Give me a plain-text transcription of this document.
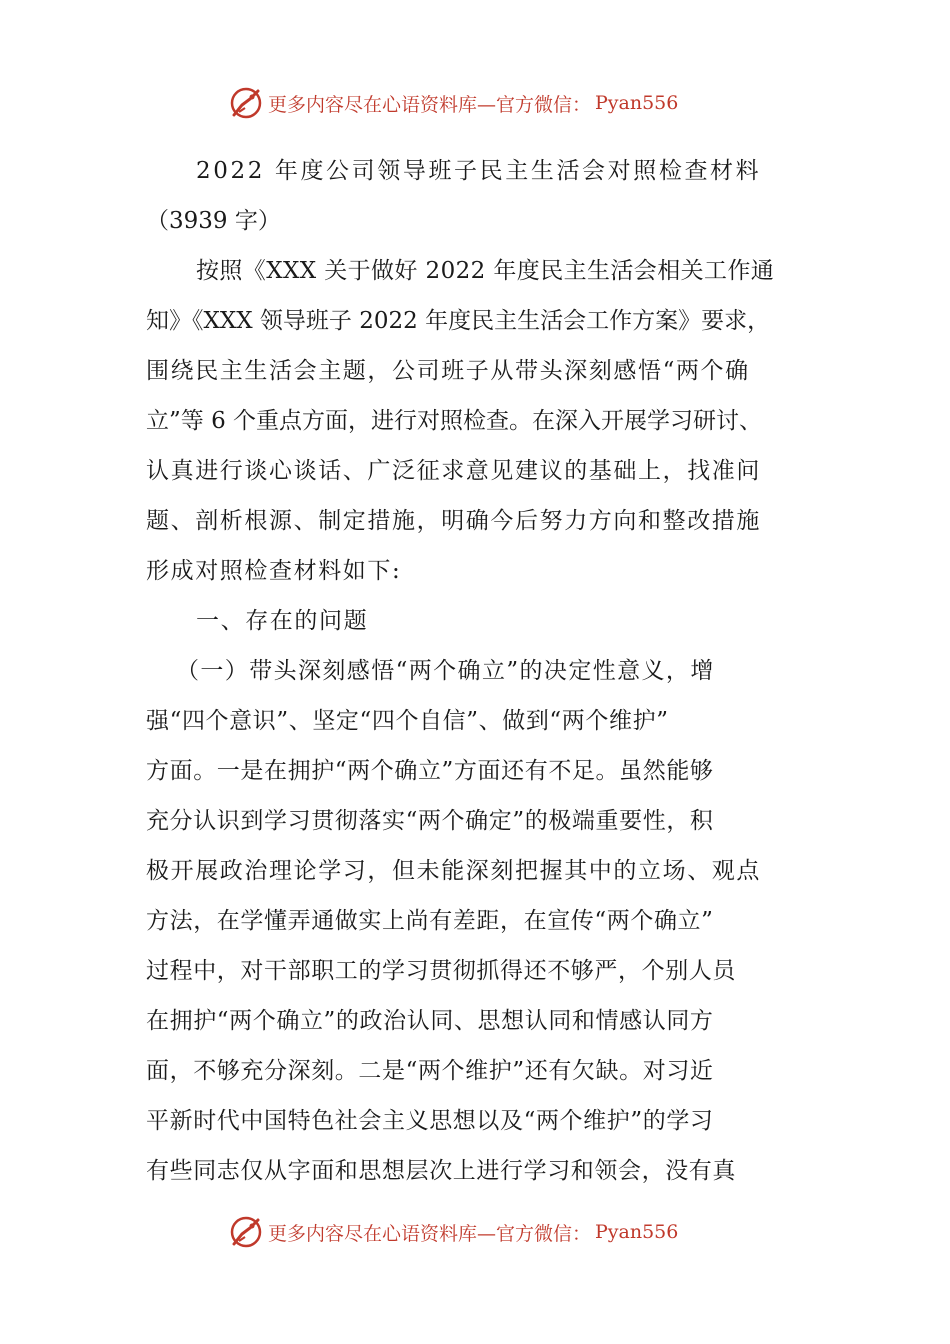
更多内容尽在心语资料库—官方微信： Pyan556
2022 年度公司领导班子民主生活会对照检查材料
（3939 字）
按照《XXX 关于做好 2022 年度民主生活会相关工作通
知》《XXX 领导班子 2022 年度民主生活会工作方案》要求，
围绕民主生活会主题，公司班子从带头深刻感悟“两个确
立”等 6 个重点方面，进行对照检查。在深入开展学习研讨、
认真进行谈心谈话、广泛征求意见建议的基础上，找准问
题、剖析根源、制定措施，明确今后努力方向和整改措施
形成对照检查材料如下:
一、存在的问题
（一）带头深刻感悟“两个确立”的决定性意义，增
强“四个意识”、坚定“四个自信”、做到“两个维护”
方面。一是在拥护“两个确立”方面还有不足。虽然能够
充分认识到学习贯彻落实“两个确定”的极端重要性，积
极开展政治理论学习，但未能深刻把握其中的立场、观点
方法，在学懂弄通做实上尚有差距，在宣传“两个确立”
过程中，对干部职工的学习贯彻抓得还不够严，个别人员
在拥护“两个确立”的政治认同、思想认同和情感认同方
面，不够充分深刻。二是“两个维护”还有欠缺。对习近
平新时代中国特色社会主义思想以及“两个维护”的学习
有些同志仅从字面和思想层次上进行学习和领会，没有真
更多内容尽在心语资料库—官方微信： Pyan556
